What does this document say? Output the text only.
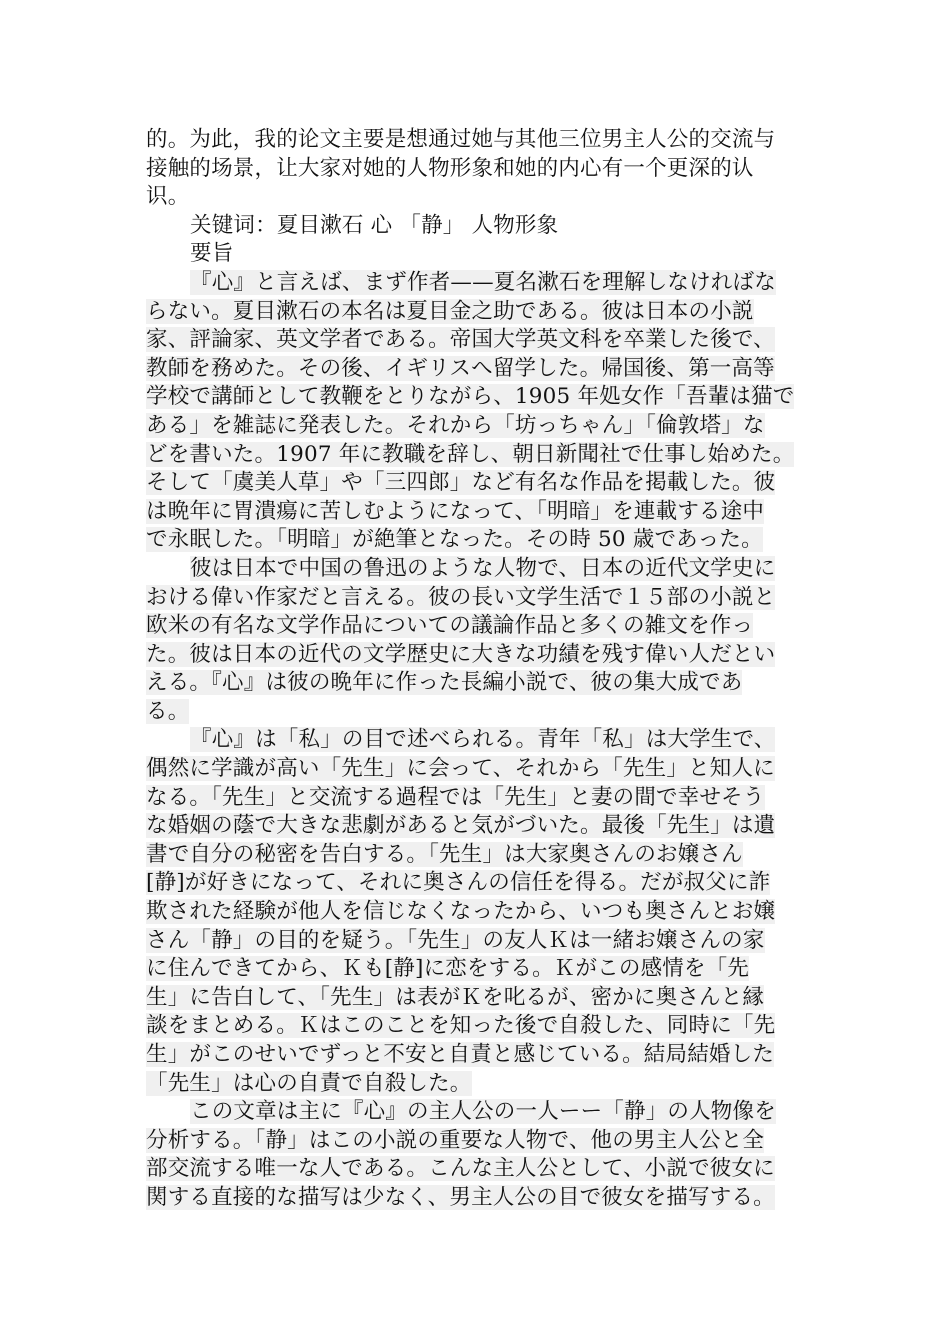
的。为此，我的论文主要是想通过她与其他三位男主人公的交流与
接触的场景，让大家对她的人物形象和她的内心有一个更深的认
识。
关键词：夏目漱石 心 「静」 人物形象
要旨
『心』と言えば、まず作者——夏名漱石を理解しなければな
らない。夏目漱石の本名は夏目金之助である。彼は日本の小説
家、評論家、英文学者である。帝国大学英文科を卒業した後で、
教師を務めた。その後、イギリスへ留学した。帰国後、第一高等
学校で講師として教鞭をとりながら、1905 年処女作「吾輩は猫で
ある」を雑誌に発表した。それから「坊っちゃん」「倫敦塔」な
どを書いた。1907 年に教職を辞し、朝日新聞社で仕事し始めた。
そして「虞美人草」や「三四郎」など有名な作品を掲載した。彼
は晩年に胃潰瘍に苦しむようになって、「明暗」を連載する途中
で永眠した。「明暗」が絶筆となった。その時 50 歳であった。
彼は日本で中国の鲁迅のような人物で、日本の近代文学史に
おける偉い作家だと言える。彼の長い文学生活で１５部の小説と
欧米の有名な文学作品についての議論作品と多くの雑文を作っ
た。彼は日本の近代の文学歴史に大きな功績を残す偉い人だとい
える。『心』は彼の晩年に作った長編小説で、彼の集大成であ
る。
『心』は「私」の目で述べられる。青年「私」は大学生で、
偶然に学識が高い「先生」に会って、それから「先生」と知人に
なる。「先生」と交流する過程では「先生」と妻の間で幸せそう
な婚姻の蔭で大きな悲劇があると気がづいた。最後「先生」は遺
書で自分の秘密を告白する。「先生」は大家奥さんのお嬢さん
[静]が好きになって、それに奥さんの信任を得る。だが叔父に詐
欺された経験が他人を信じなくなったから、いつも奥さんとお嬢
さん「静」の目的を疑う。「先生」の友人Ｋは一緒お嬢さんの家
に住んできてから、Ｋも[静]に恋をする。Ｋがこの感情を「先
生」に告白して、「先生」は表がＫを叱るが、密かに奥さんと縁
談をまとめる。Ｋはこのことを知った後で自殺した、同時に「先
生」がこのせいでずっと不安と自責と感じている。結局結婚した
「先生」は心の自責で自殺した。
この文章は主に『心』の主人公の一人ーー「静」の人物像を
分析する。「静」はこの小説の重要な人物で、他の男主人公と全
部交流する唯一な人である。こんな主人公として、小説で彼女に
関する直接的な描写は少なく、男主人公の目で彼女を描写する。
